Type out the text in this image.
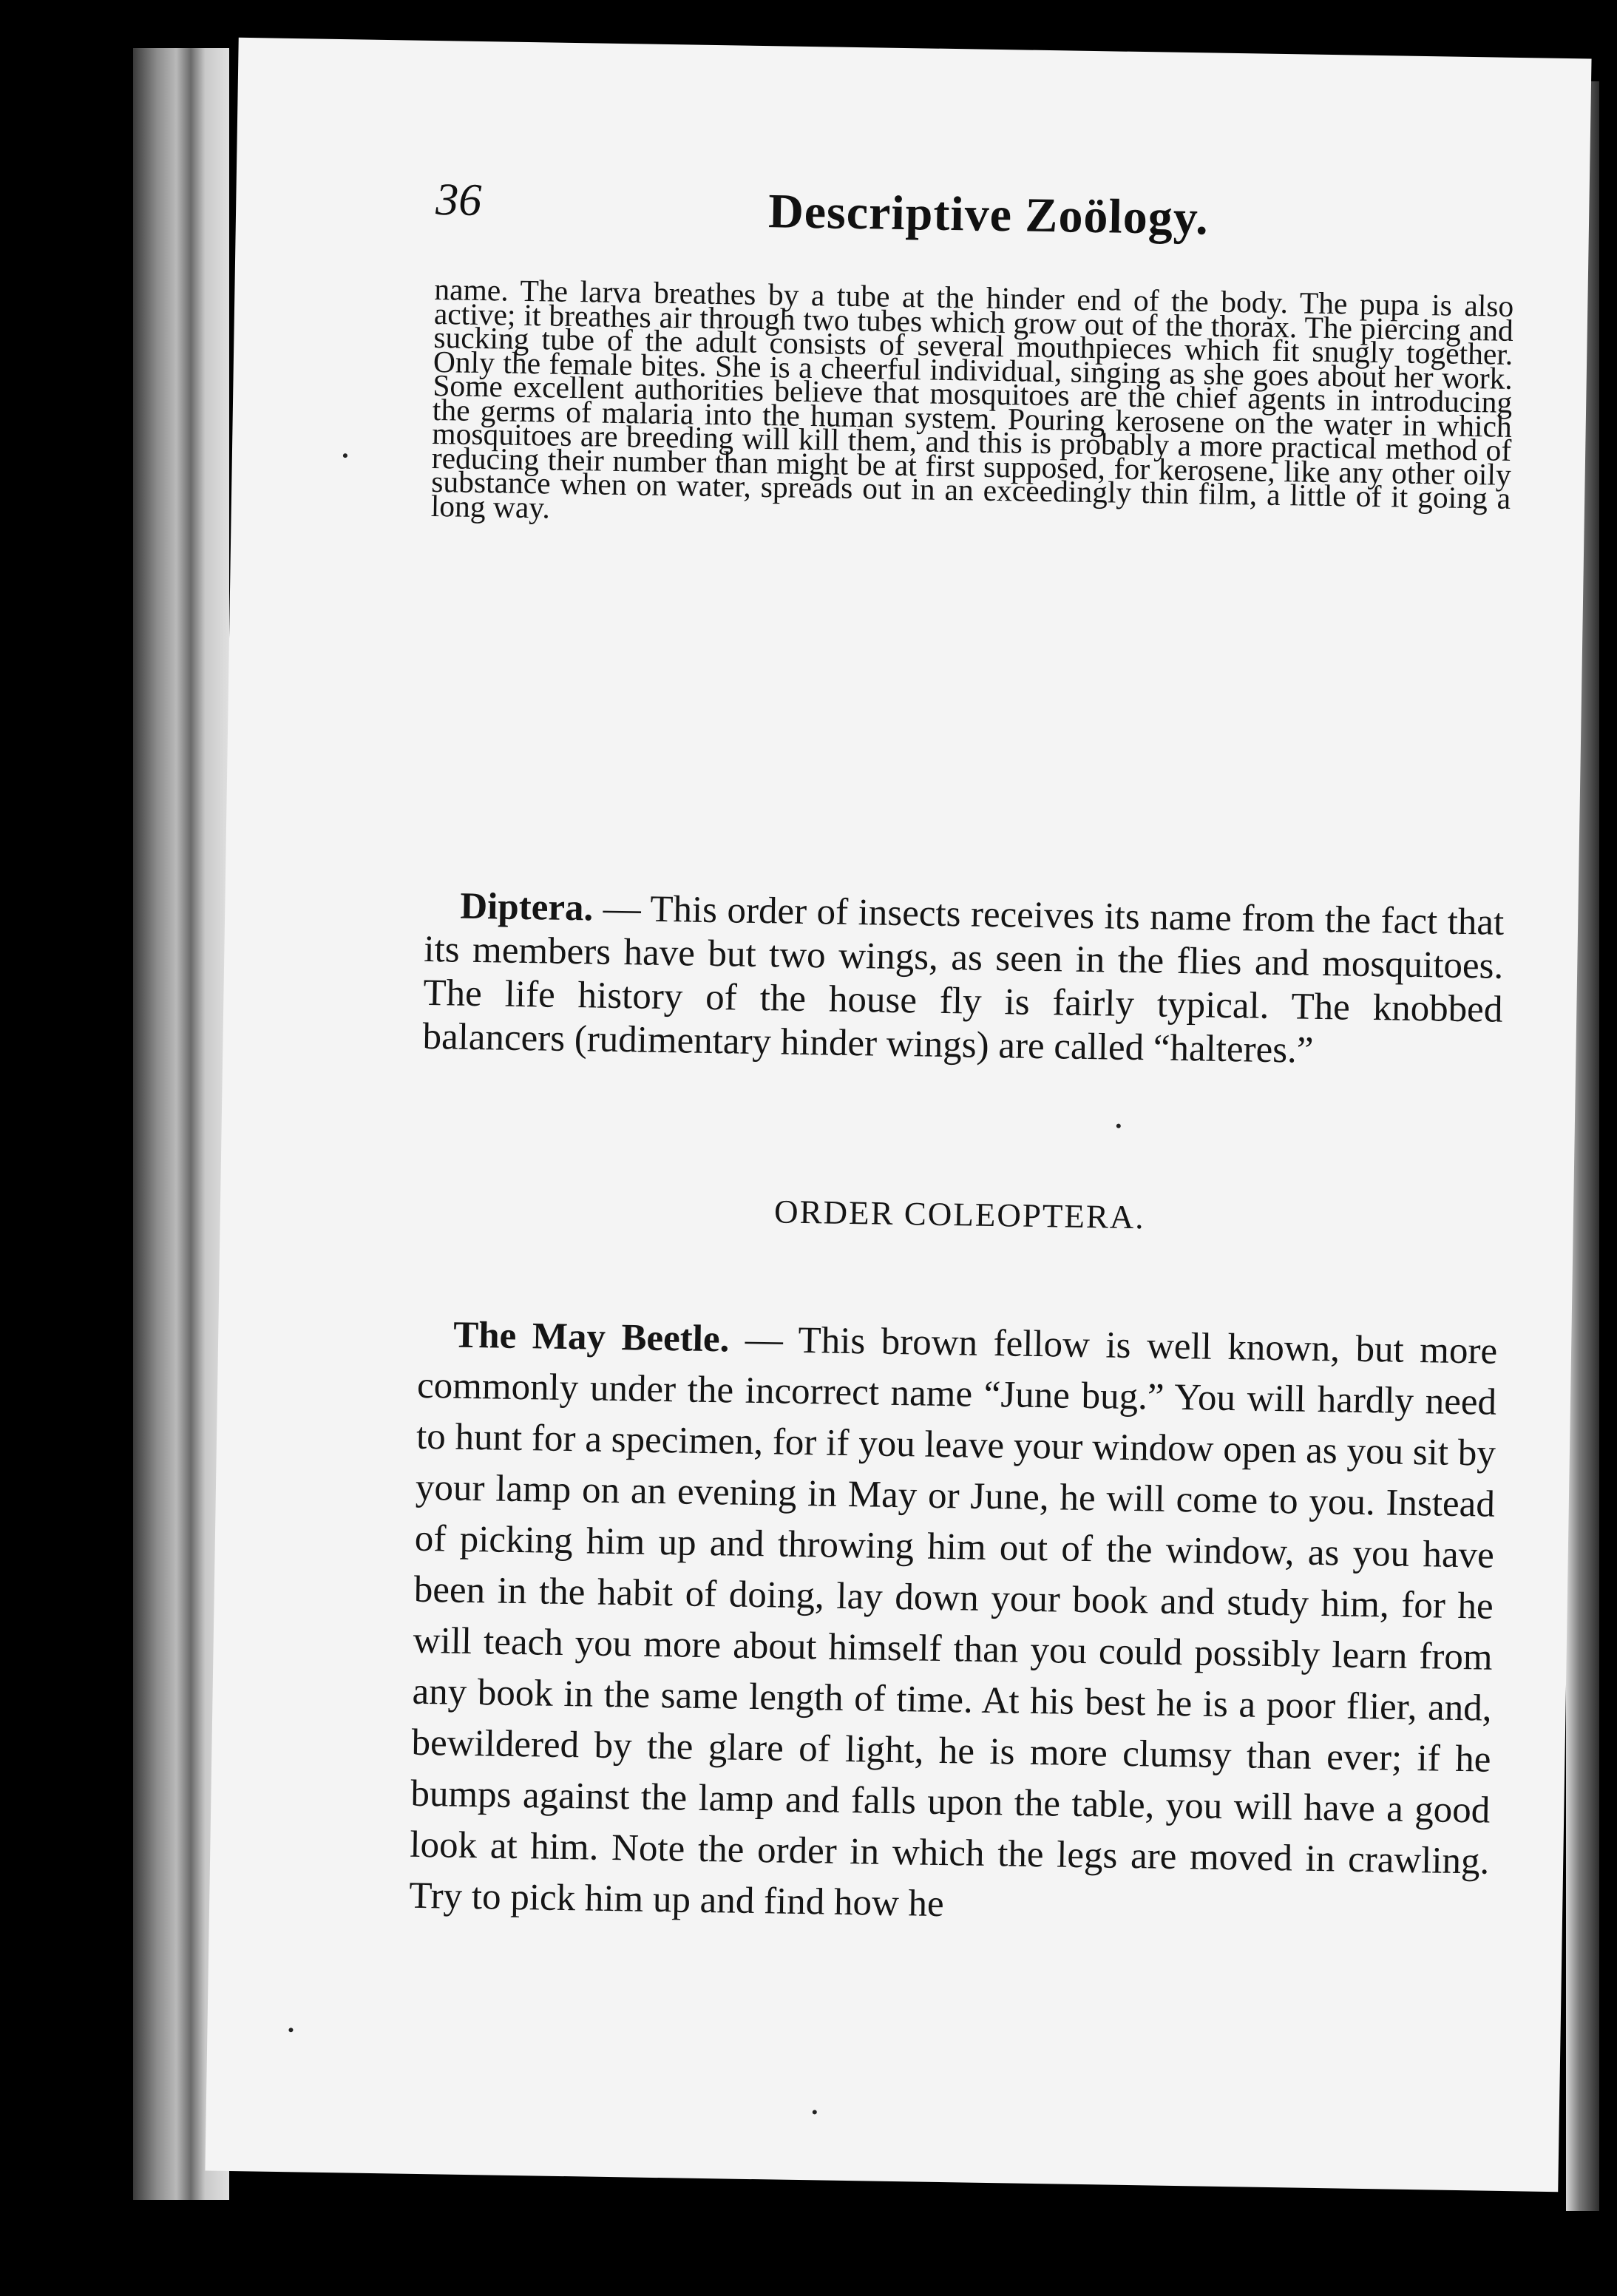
36	Descriptive Zoölogy.

name. The larva breathes by a tube at the hinder end of the body. The pupa is also active; it breathes air through two tubes which grow out of the thorax. The piercing and sucking tube of the adult consists of several mouthpieces which fit snugly together. Only the female bites. She is a cheerful individual, singing as she goes about her work. Some excellent authorities believe that mosquitoes are the chief agents in introducing the germs of malaria into the human system. Pouring kerosene on the water in which mosquitoes are breeding will kill them, and this is probably a more practical method of reducing their number than might be at first supposed, for kerosene, like any other oily substance when on water, spreads out in an exceedingly thin film, a little of it going a long way.

Diptera. — This order of insects receives its name from the fact that its members have but two wings, as seen in the flies and mosquitoes. The life history of the house fly is fairly typical. The knobbed balancers (rudimentary hinder wings) are called “halteres.”

ORDER COLEOPTERA.

The May Beetle. — This brown fellow is well known, but more commonly under the incorrect name “June bug.” You will hardly need to hunt for a specimen, for if you leave your window open as you sit by your lamp on an evening in May or June, he will come to you. Instead of picking him up and throwing him out of the window, as you have been in the habit of doing, lay down your book and study him, for he will teach you more about himself than you could possibly learn from any book in the same length of time. At his best he is a poor flier, and, bewildered by the glare of light, he is more clumsy than ever; if he bumps against the lamp and falls upon the table, you will have a good look at him. Note the order in which the legs are moved in crawling. Try to pick him up and find how he
